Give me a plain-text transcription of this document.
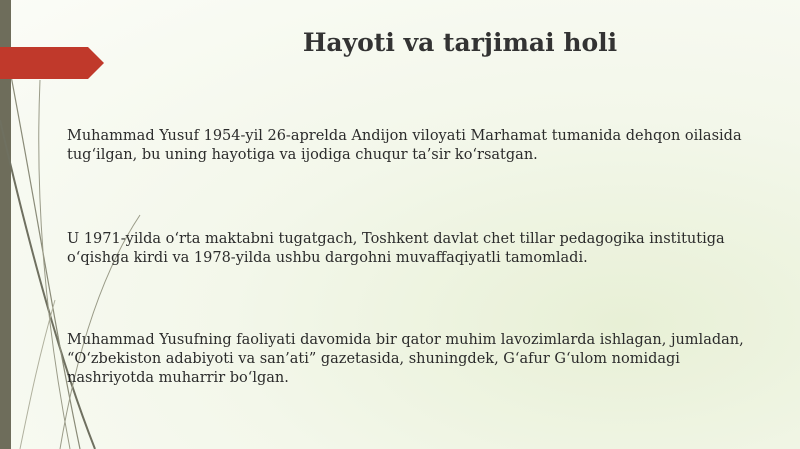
Hayoti va tarjimai holi
Muhammad Yusuf 1954-yil 26-aprelda Andijon viloyati Marhamat tumanida dehqon oilasida tug‘ilgan, bu uning hayotiga va ijodiga chuqur ta’sir ko‘rsatgan.
U 1971-yilda o‘rta maktabni tugatgach, Toshkent davlat chet tillar pedagogika institutiga o‘qishga kirdi va 1978-yilda ushbu dargohni muvaffaqiyatli tamomladi.
Muhammad Yusufning faoliyati davomida bir qator muhim lavozimlarda ishlagan, jumladan, “O‘zbekiston adabiyoti va san’ati” gazetasida, shuningdek, G‘afur G‘ulom nomidagi nashriyotda muharrir bo‘lgan.
